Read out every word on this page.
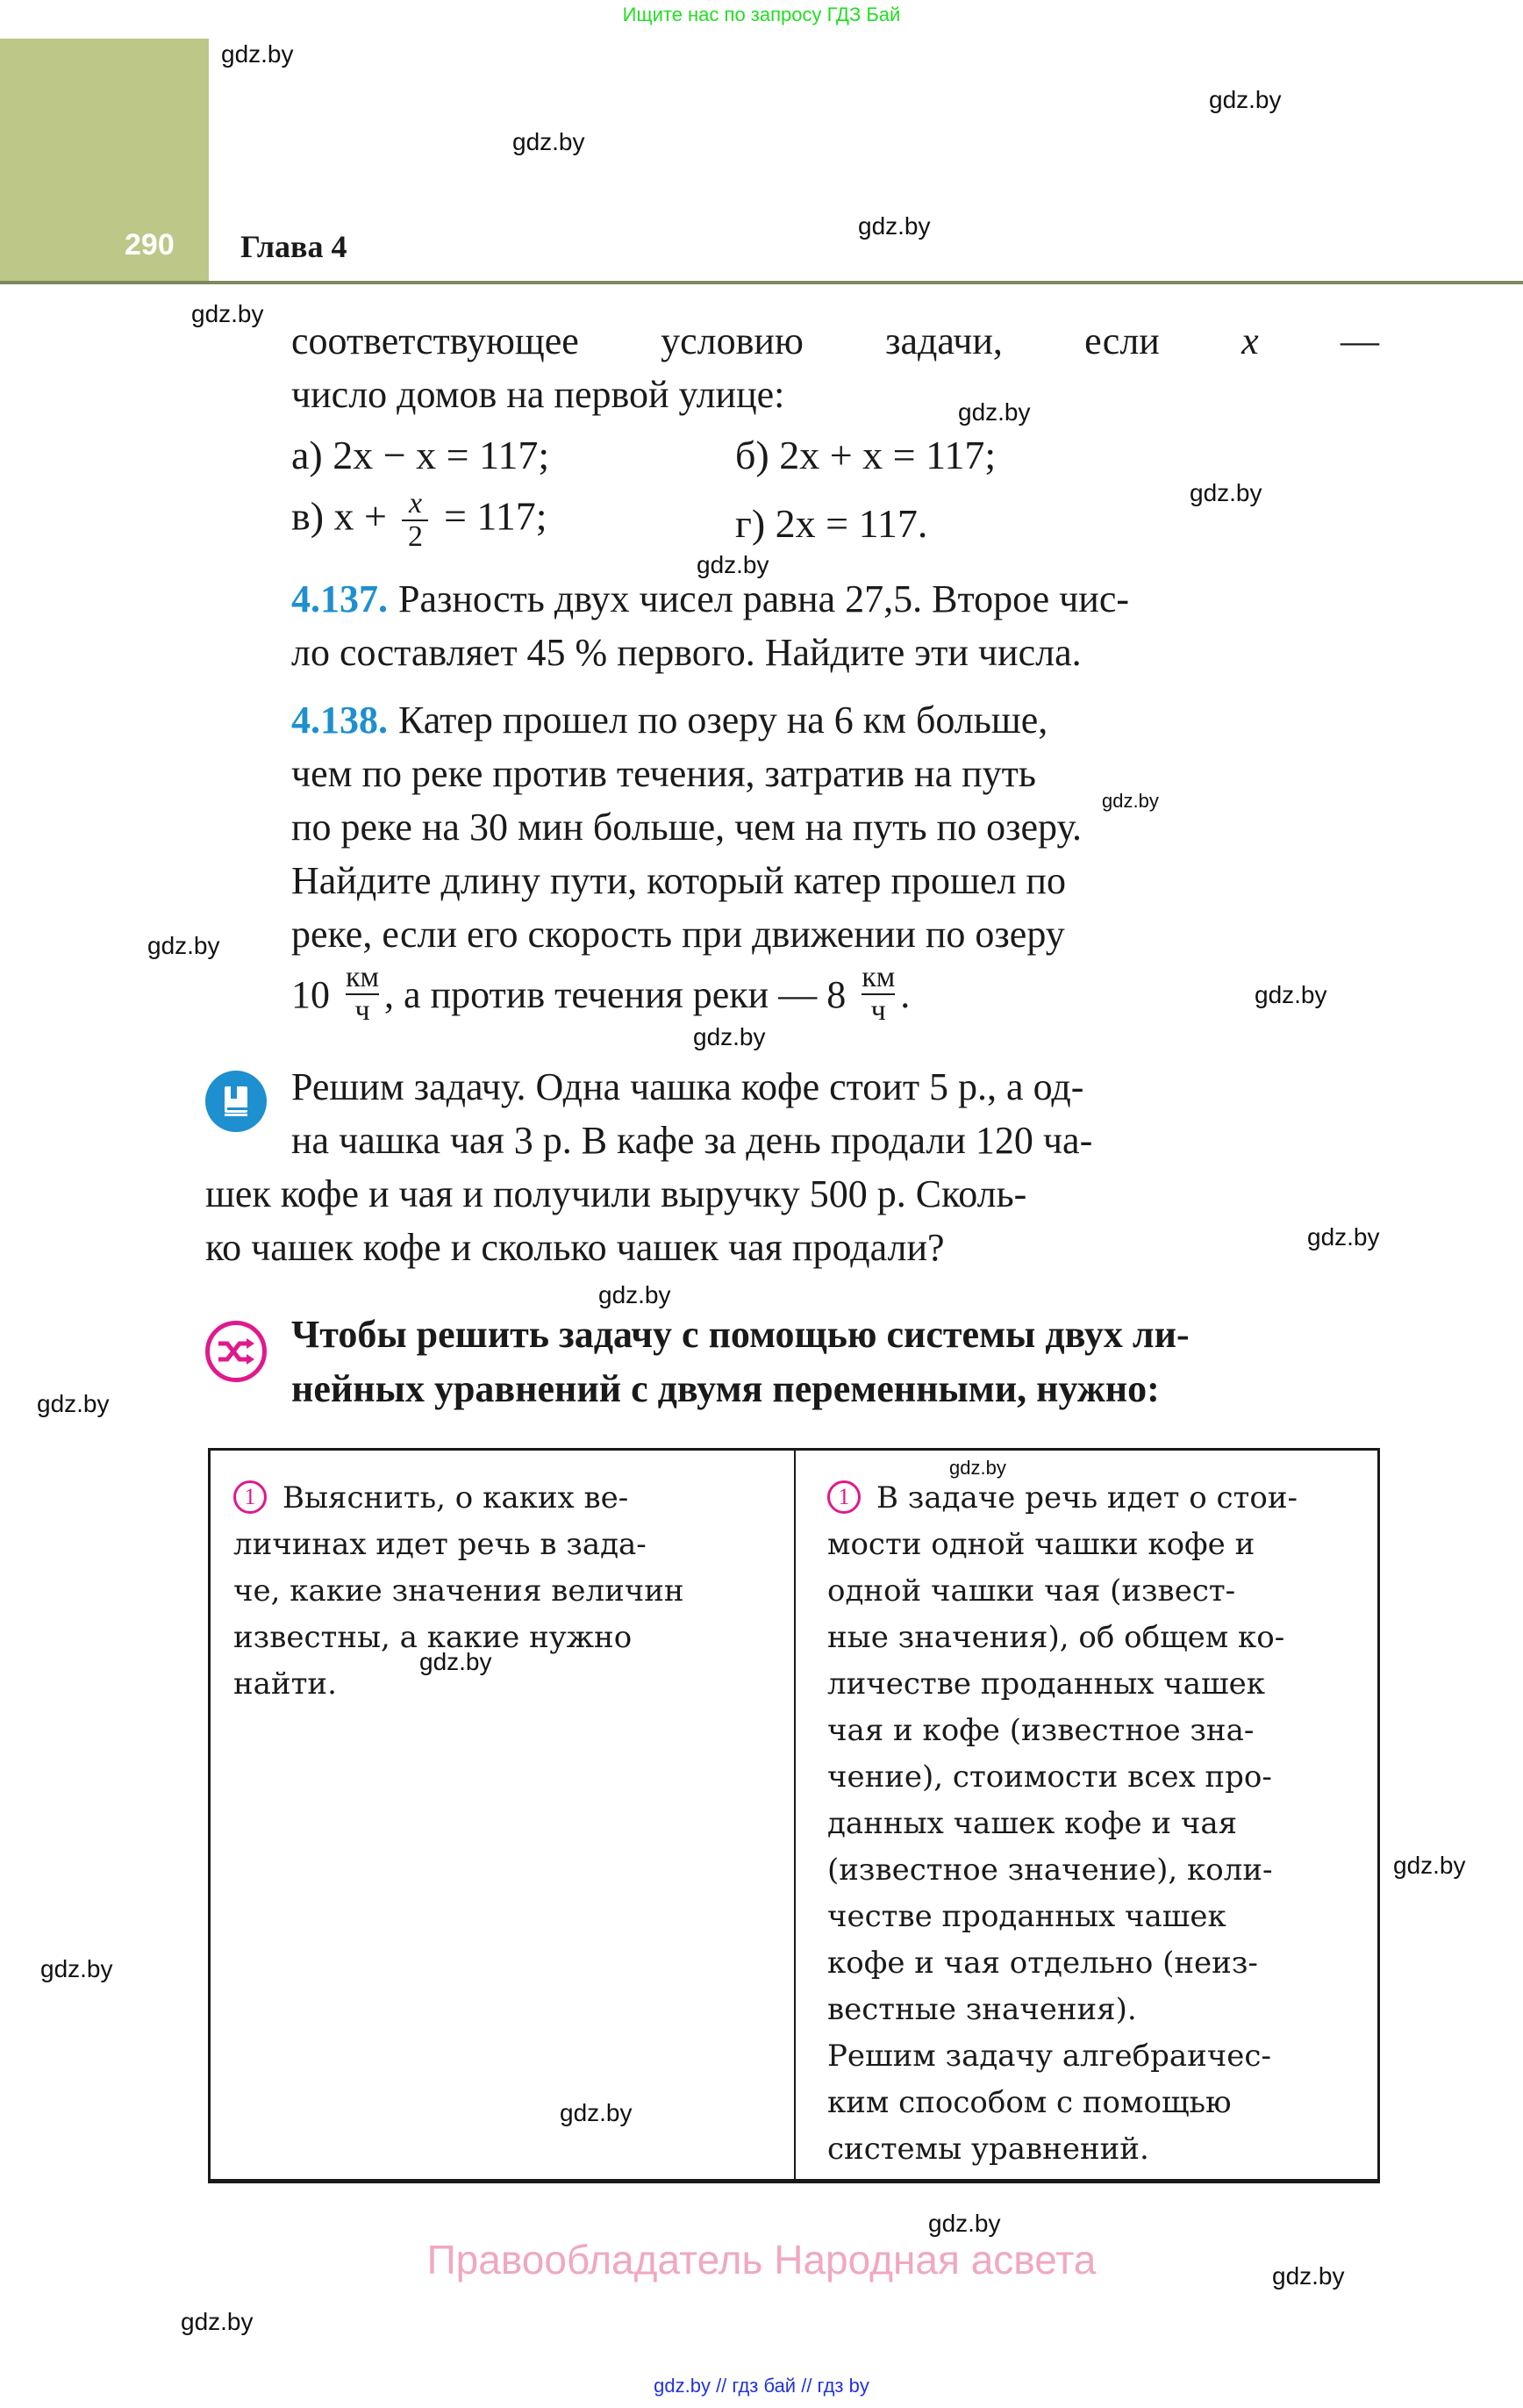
Ищите нас по запросу ГДЗ Бай
290 Глава 4
gdz.by
gdz.by
gdz.by
gdz.by
gdz.by
gdz.by
gdz.by
gdz.by
gdz.by
gdz.by
gdz.by
gdz.by
gdz.by
gdz.by
gdz.by
gdz.by
gdz.by
gdz.by
gdz.by
gdz.by
gdz.by
gdz.by
gdz.by
соответствующее условию задачи, если x —
число домов на первой улице:
а) 2x − x = 117;	б) 2x + x = 117;
в) $x + \frac{x}{2} = 117$;	г) 2x = 117.
4.137. Разность двух чисел равна 27,5. Второе чис-
ло составляет 45 % первого. Найдите эти числа.
4.138. Катер прошел по озеру на 6 км больше,
чем по реке против течения, затратив на путь
по реке на 30 мин больше, чем на путь по озеру.
Найдите длину пути, который катер прошел по
реке, если его скорость при движении по озеру
$10 \frac{км}{ч}$ , а против течения реки — $8 \frac{км}{ч}$ .
Решим задачу. Одна чашка кофе стоит 5 р., а од-
на чашка чая 3 р. В кафе за день продали 120 ча-
шек кофе и чая и получили выручку 500 р. Сколь-
ко чашек кофе и сколько чашек чая продали?
Чтобы решить задачу с помощью системы двух ли-
нейных уравнений с двумя переменными, нужно:
1 Выяснить, о каких ве-
личинах идет речь в зада-
че, какие значения величин
известны, а какие нужно
найти.
1 В задаче речь идет о стои-
мости одной чашки кофе и
одной чашки чая (извест-
ные значения), об общем ко-
личестве проданных чашек
чая и кофе (известное зна-
чение), стоимости всех про-
данных чашек кофе и чая
(известное значение), коли-
честве проданных чашек
кофе и чая отдельно (неиз-
вестные значения).
Решим задачу алгебраичес-
ким способом с помощью
системы уравнений.
Правообладатель Народная асвета
gdz.by // гдз бай // гдз by
